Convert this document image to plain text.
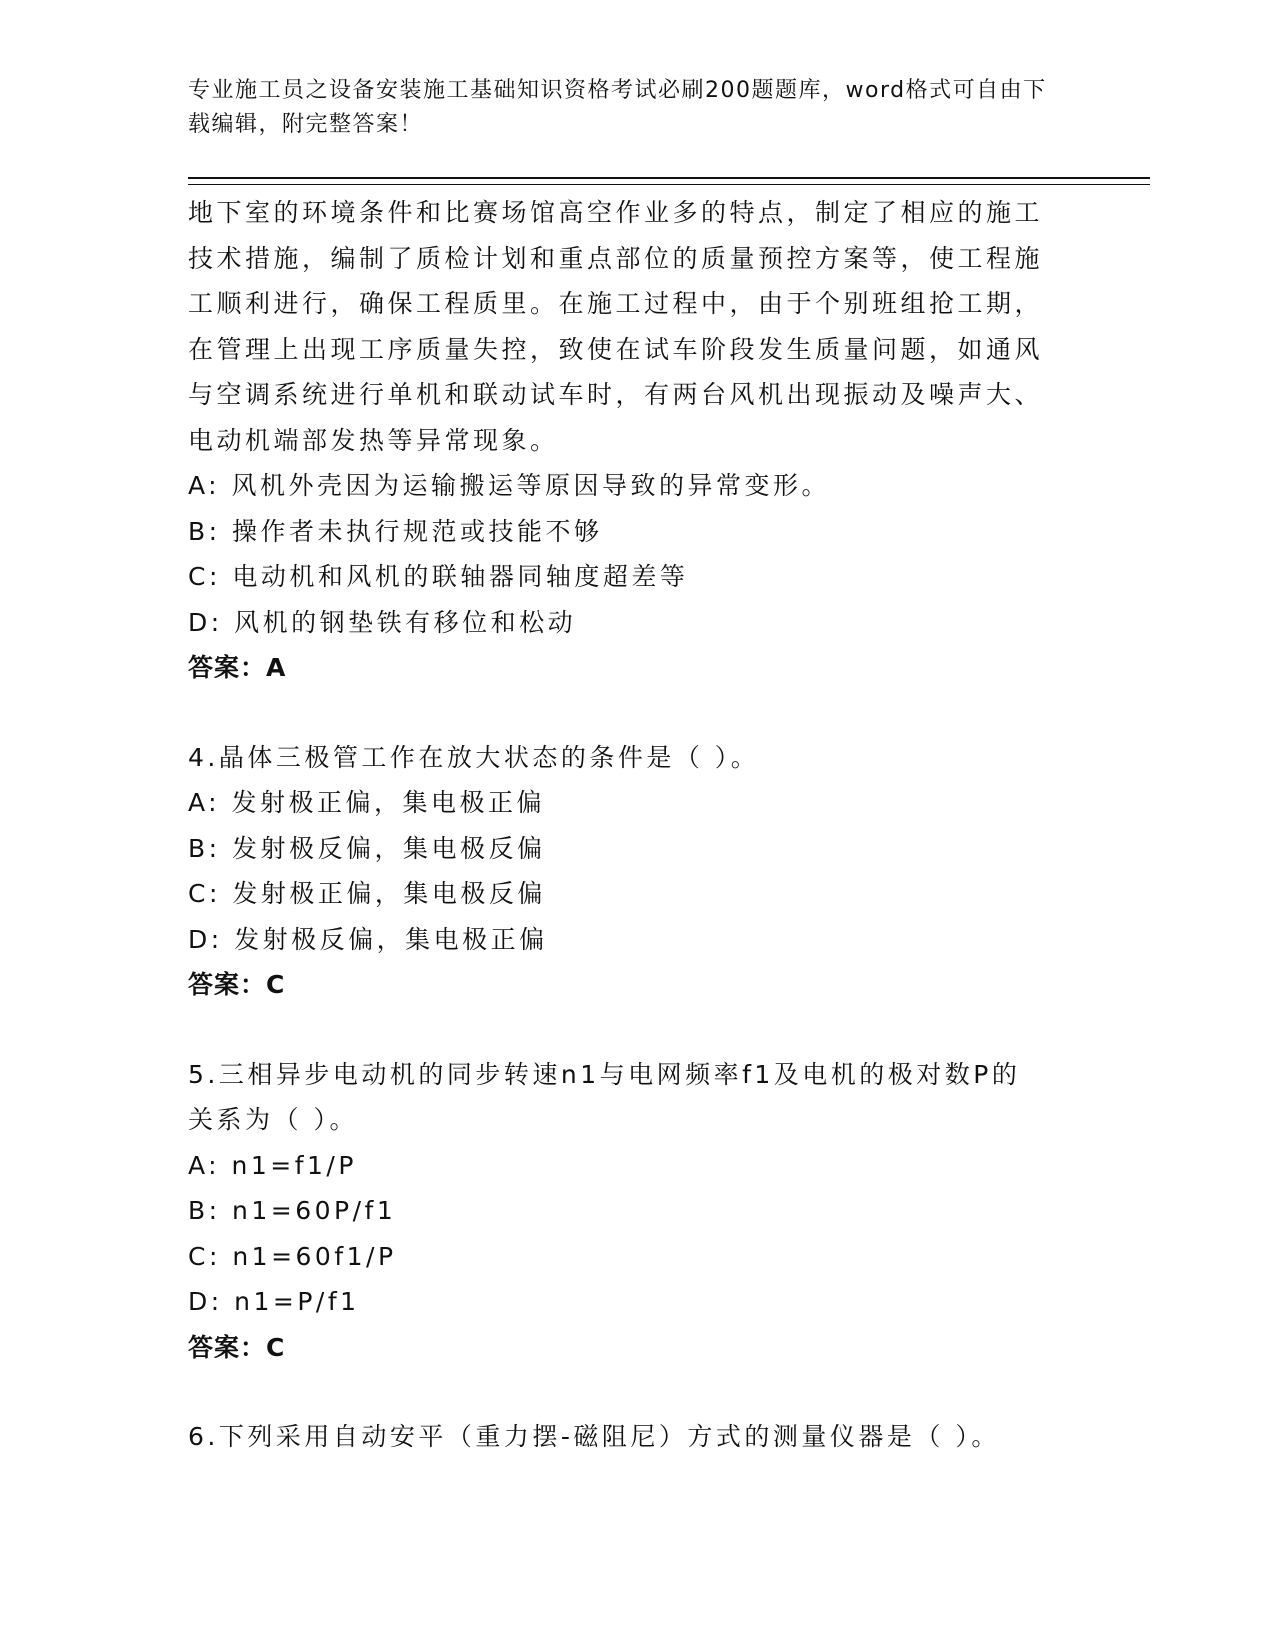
专业施工员之设备安装施工基础知识资格考试必刷200题题库，word格式可自由下载编辑，附完整答案！
地下室的环境条件和比赛场馆高空作业多的特点，制定了相应的施工
技术措施，编制了质检计划和重点部位的质量预控方案等，使工程施
工顺利进行，确保工程质里。在施工过程中，由于个别班组抢工期，
在管理上出现工序质量失控，致使在试车阶段发生质量问题，如通风
与空调系统进行单机和联动试车时，有两台风机出现振动及噪声大、
电动机端部发热等异常现象。
A: 风机外壳因为运输搬运等原因导致的异常变形。
B: 操作者未执行规范或技能不够
C: 电动机和风机的联轴器同轴度超差等
D: 风机的钢垫铁有移位和松动
答案：A
4.晶体三极管工作在放大状态的条件是（ ）。
A: 发射极正偏，集电极正偏
B: 发射极反偏，集电极反偏
C: 发射极正偏，集电极反偏
D: 发射极反偏，集电极正偏
答案：C
5.三相异步电动机的同步转速n1与电网频率f1及电机的极对数P的
关系为（ ）。
A: n1=f1/P
B: n1=60P/f1
C: n1=60f1/P
D: n1=P/f1
答案：C
6.下列采用自动安平（重力摆-磁阻尼）方式的测量仪器是（ ）。
